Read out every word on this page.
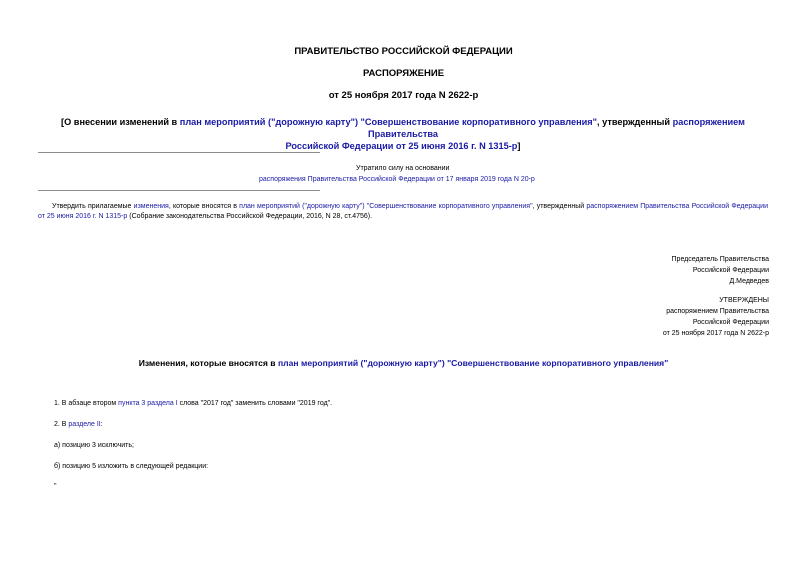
ПРАВИТЕЛЬСТВО РОССИЙСКОЙ ФЕДЕРАЦИИ
РАСПОРЯЖЕНИЕ
от 25 ноября 2017 года N 2622-р
[О внесении изменений в план мероприятий ("дорожную карту") "Совершенствование корпоративного управления", утвержденный распоряжением Правительства
Российской Федерации от 25 июня 2016 г. N 1315-р]
Утратило силу на основании
распоряжения Правительства Российской Федерации от 17 января 2019 года N 20-р
Утвердить прилагаемые изменения, которые вносятся в план мероприятий ("дорожную карту") "Совершенствование корпоративного управления", утвержденный распоряжением Правительства Российской Федерации от 25 июня 2016 г. N 1315-р (Собрание законодательства Российской Федерации, 2016, N 28, ст.4756).
Председатель Правительства
Российской Федерации
Д.Медведев
УТВЕРЖДЕНЫ
распоряжением Правительства
Российской Федерации
от 25 ноября 2017 года N 2622-р
Изменения, которые вносятся в план мероприятий ("дорожную карту") "Совершенствование корпоративного управления"
1. В абзаце втором пункта 3 раздела I слова "2017 год" заменить словами "2019 год".
2. В разделе II:
а) позицию 3 исключить;
б) позицию 5 изложить в следующей редакции:
"
